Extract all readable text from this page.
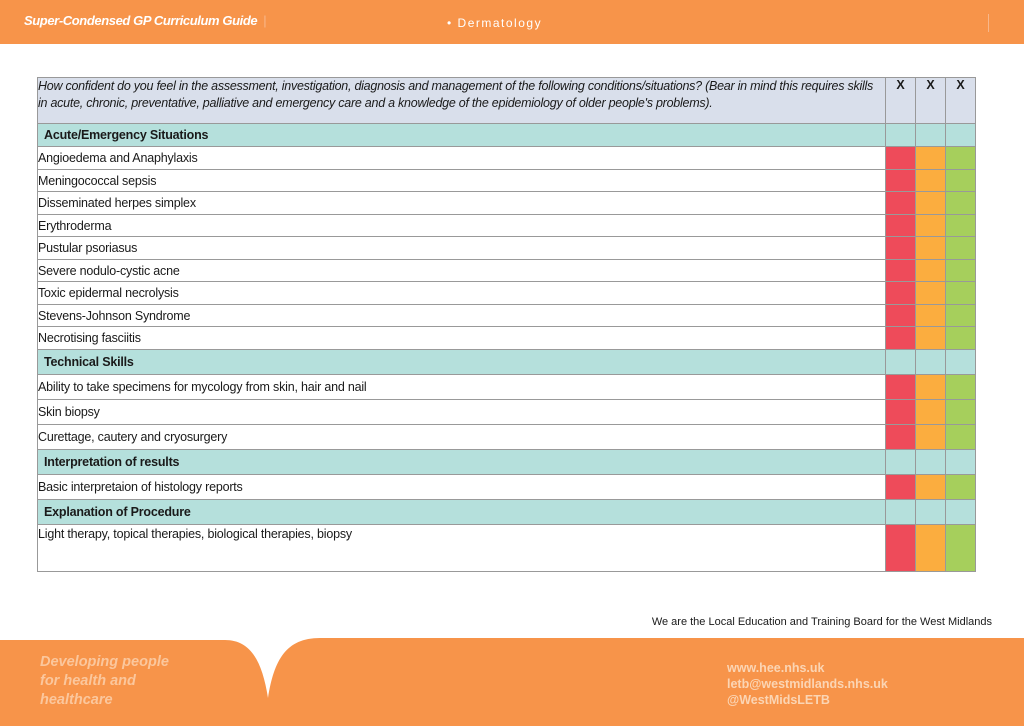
Super-Condensed GP Curriculum Guide |	• Dermatology
How confident do you feel in the assessment, investigation, diagnosis and management of the following conditions/situations? (Bear in mind this requires skills in acute, chronic, preventative, palliative and emergency care and a knowledge of the epidemiology of older people's problems).	X	X	X
Acute/Emergency Situations			
Angioedema and Anaphylaxis			
Meningococcal sepsis			
Disseminated herpes simplex			
Erythroderma			
Pustular psoriasus			
Severe nodulo-cystic acne			
Toxic epidermal necrolysis			
Stevens-Johnson Syndrome			
Necrotising fasciitis			
Technical Skills			
Ability to take specimens for mycology from skin, hair and nail			
Skin biopsy			
Curettage, cautery and cryosurgery			
Interpretation of results			
Basic interpretaion of histology reports			
Explanation of Procedure			
Light therapy, topical therapies, biological therapies, biopsy			
We are the Local Education and Training Board for the West Midlands
Developing people
for health and
healthcare
www.hee.nhs.uk
letb@westmidlands.nhs.uk
@WestMidsLETB
